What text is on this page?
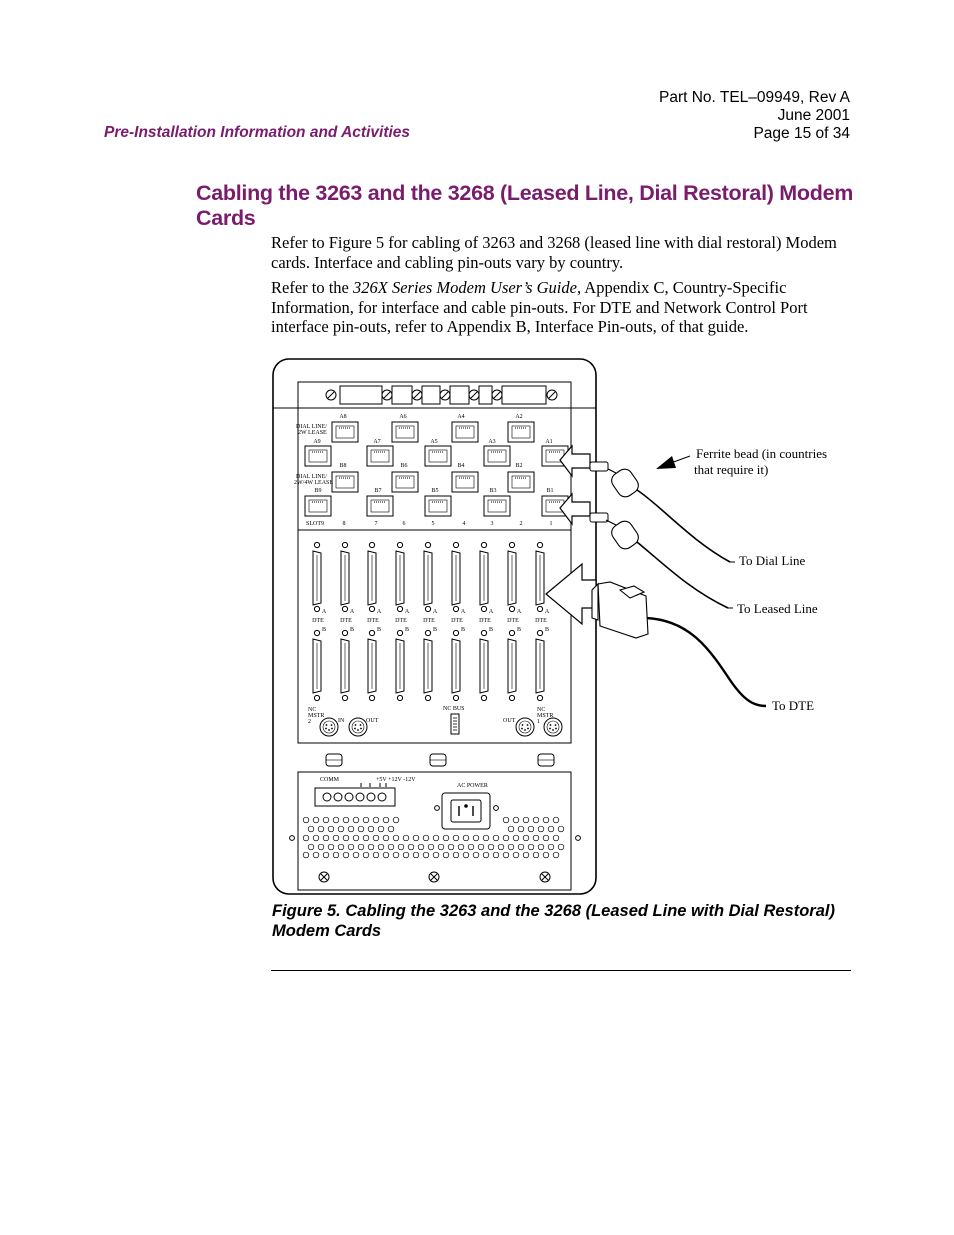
Part No. TEL–09949, Rev A
June 2001
Page 15 of 34
Pre-Installation Information and Activities
Cabling the 3263 and the 3268 (Leased Line, Dial Restoral) Modem Cards

Refer to Figure 5 for cabling of 3263 and 3268 (leased line with dial restoral) Modem cards. Interface and cabling pin-outs vary by country.

Refer to the 326X Series Modem User’s Guide, Appendix C, Country-Specific Information, for interface and cable pin-outs. For DTE and Network Control Port interface pin-outs, refer to Appendix B, Interface Pin-outs, of that guide.

DIAL LINE/
2W LEASE
DIAL LINE/
2W/4W LEASE
SLOT9
NC
MSTR
2	IN	OUT
NC BUS
OUT
NC
MSTR
1
COMM	+5V +12V -12V
AC POWER
A8	A6	A4	A2
A9	A7	A5	A3	A1
B8	B6	B4	B2
B9	B7	B5	B3	B1
8	7	6	5	4	3	2	1
A
DTE
B
A
DTE
B
A
DTE
B
A
DTE
B
A
DTE
B
A
DTE
B
A
DTE
B
A
DTE
B
A
DTE
B
Ferrite bead (in countries
that require it)
To Dial Line
To Leased Line
To DTE

Figure 5. Cabling the 3263 and the 3268 (Leased Line with Dial Restoral) Modem Cards
